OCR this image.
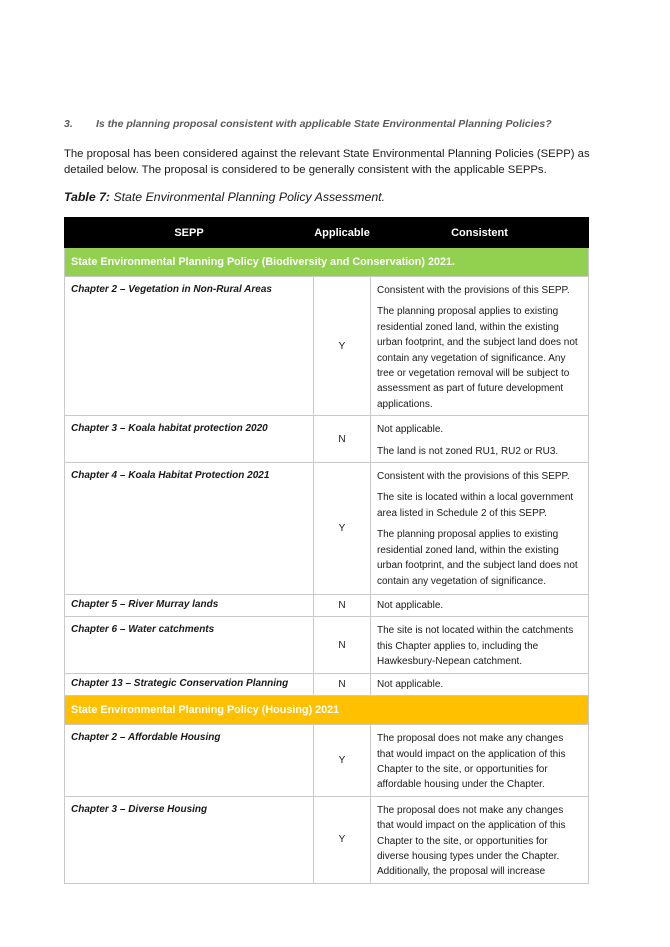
3. Is the planning proposal consistent with applicable State Environmental Planning Policies?

The proposal has been considered against the relevant State Environmental Planning Policies (SEPP) as detailed below. The proposal is considered to be generally consistent with the applicable SEPPs.

Table 7: State Environmental Planning Policy Assessment.

SEPP	Applicable	Consistent
State Environmental Planning Policy (Biodiversity and Conservation) 2021.		
Chapter 2 – Vegetation in Non-Rural Areas	Y	Consistent with the provisions of this SEPP.

The planning proposal applies to existing residential zoned land, within the existing urban footprint, and the subject land does not contain any vegetation of significance. Any tree or vegetation removal will be subject to assessment as part of future development applications.

Chapter 3 – Koala habitat protection 2020	N	Not applicable.

The land is not zoned RU1, RU2 or RU3.

Chapter 4 – Koala Habitat Protection 2021	Y	Consistent with the provisions of this SEPP.

The site is located within a local government area listed in Schedule 2 of this SEPP.

The planning proposal applies to existing residential zoned land, within the existing urban footprint, and the subject land does not contain any vegetation of significance.

Chapter 5 – River Murray lands	N	Not applicable.

Chapter 6 – Water catchments	N	The site is not located within the catchments this Chapter applies to, including the Hawkesbury-Nepean catchment.

Chapter 13 – Strategic Conservation Planning	N	Not applicable.

State Environmental Planning Policy (Housing) 2021		
Chapter 2 – Affordable Housing	Y	The proposal does not make any changes that would impact on the application of this Chapter to the site, or opportunities for affordable housing under the Chapter.

Chapter 3 – Diverse Housing	Y	The proposal does not make any changes that would impact on the application of this Chapter to the site, or opportunities for diverse housing types under the Chapter. Additionally, the proposal will increase
